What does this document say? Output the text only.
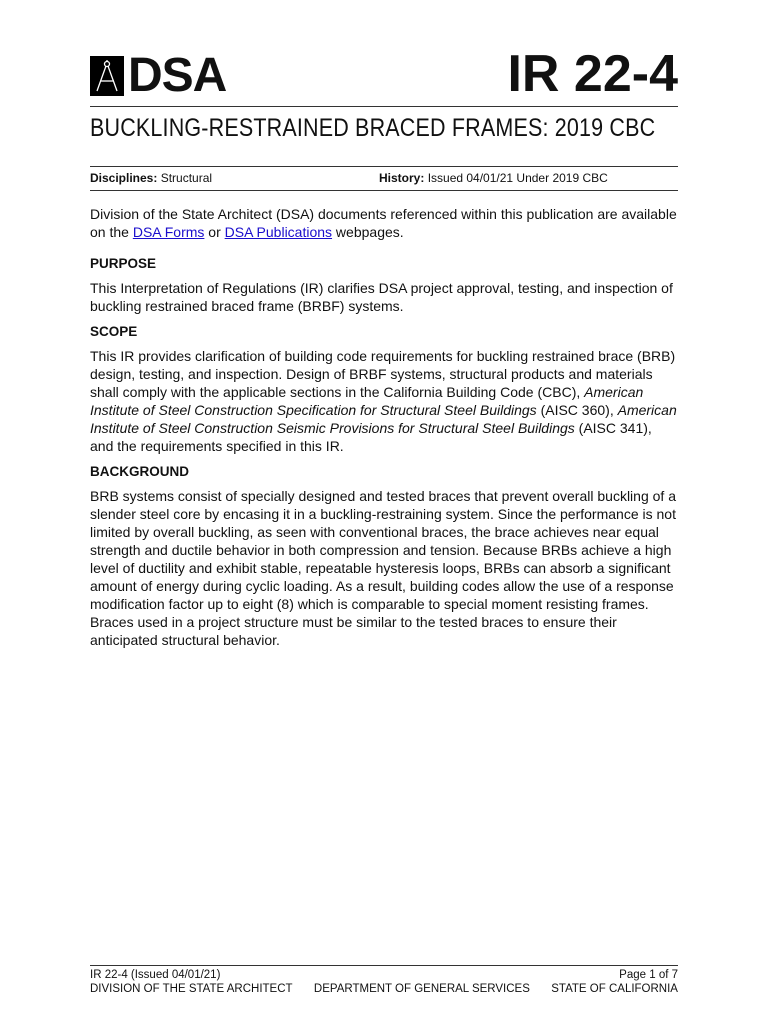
DSA	IR 22-4
BUCKLING-RESTRAINED BRACED FRAMES: 2019 CBC
Disciplines: Structural	History: Issued 04/01/21 Under 2019 CBC

Division of the State Architect (DSA) documents referenced within this publication are available on the DSA Forms or DSA Publications webpages.

PURPOSE

This Interpretation of Regulations (IR) clarifies DSA project approval, testing, and inspection of buckling restrained braced frame (BRBF) systems.

SCOPE

This IR provides clarification of building code requirements for buckling restrained brace (BRB) design, testing, and inspection. Design of BRBF systems, structural products and materials shall comply with the applicable sections in the California Building Code (CBC), American Institute of Steel Construction Specification for Structural Steel Buildings (AISC 360), American Institute of Steel Construction Seismic Provisions for Structural Steel Buildings (AISC 341), and the requirements specified in this IR.

BACKGROUND

BRB systems consist of specially designed and tested braces that prevent overall buckling of a slender steel core by encasing it in a buckling-restraining system. Since the performance is not limited by overall buckling, as seen with conventional braces, the brace achieves near equal strength and ductile behavior in both compression and tension. Because BRBs achieve a high level of ductility and exhibit stable, repeatable hysteresis loops, BRBs can absorb a significant amount of energy during cyclic loading. As a result, building codes allow the use of a response modification factor up to eight (8) which is comparable to special moment resisting frames. Braces used in a project structure must be similar to the tested braces to ensure their anticipated structural behavior.

IR 22-4 (Issued 04/01/21)	Page 1 of 7
DIVISION OF THE STATE ARCHITECT DEPARTMENT OF GENERAL SERVICES STATE OF CALIFORNIA
